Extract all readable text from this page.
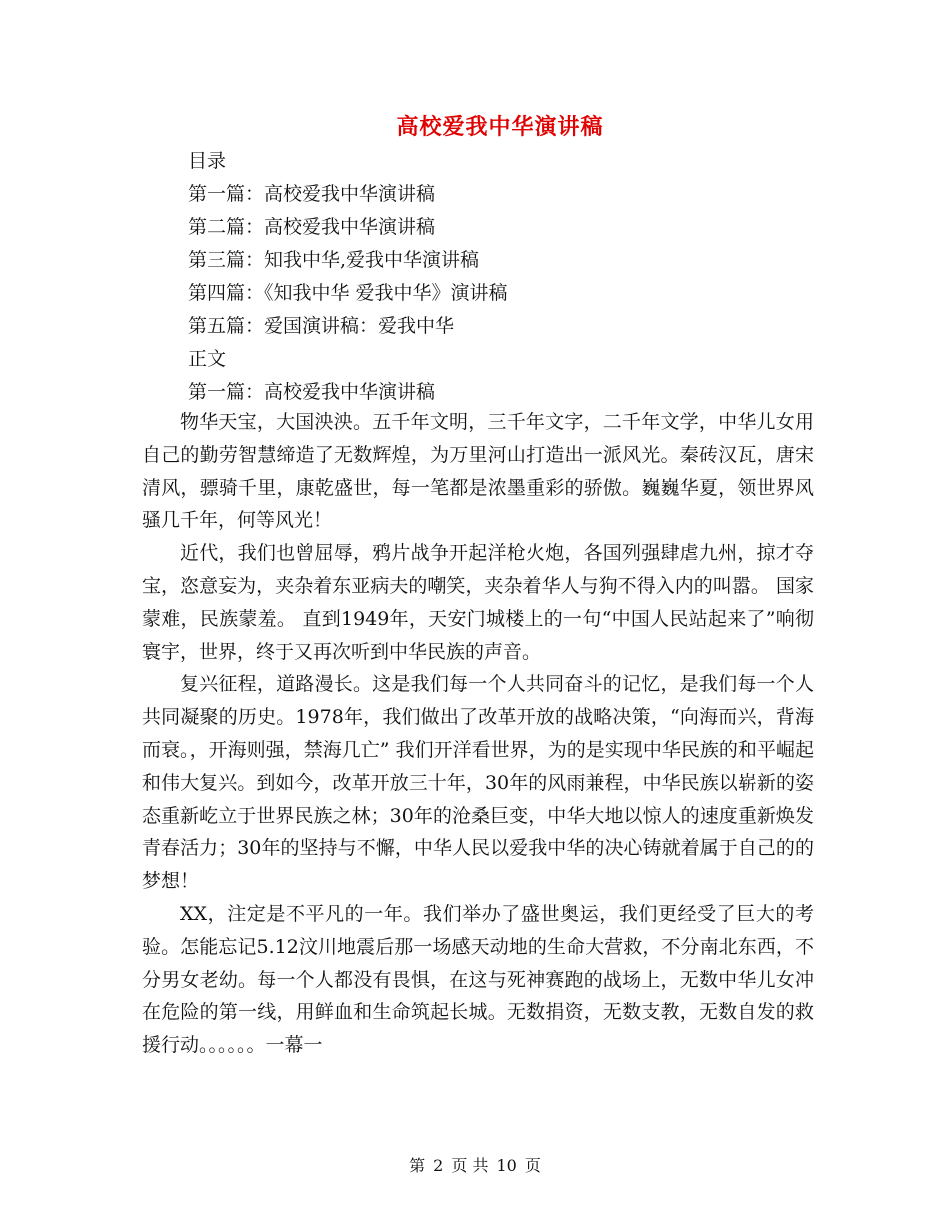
高校爱我中华演讲稿
目录
第一篇：高校爱我中华演讲稿
第二篇：高校爱我中华演讲稿
第三篇：知我中华,爱我中华演讲稿
第四篇：《知我中华 爱我中华》演讲稿
第五篇：爱国演讲稿：爱我中华
正文
第一篇：高校爱我中华演讲稿

物华天宝，大国泱泱。五千年文明，三千年文字，二千年文学，中华儿女用自己的勤劳智慧缔造了无数辉煌，为万里河山打造出一派风光。秦砖汉瓦，唐宋清风，骠骑千里，康乾盛世，每一笔都是浓墨重彩的骄傲。巍巍华夏，领世界风骚几千年，何等风光！

近代，我们也曾屈辱，鸦片战争开起洋枪火炮，各国列强肆虐九州，掠才夺宝，恣意妄为，夹杂着东亚病夫的嘲笑，夹杂着华人与狗不得入内的叫嚣。 国家蒙难，民族蒙羞。 直到1949年，天安门城楼上的一句“中国人民站起来了”响彻寰宇，世界，终于又再次听到中华民族的声音。

复兴征程，道路漫长。这是我们每一个人共同奋斗的记忆，是我们每一个人共同凝聚的历史。1978年，我们做出了改革开放的战略决策，“向海而兴，背海而衰。，开海则强，禁海几亡” 我们开洋看世界，为的是实现中华民族的和平崛起和伟大复兴。到如今，改革开放三十年，30年的风雨兼程，中华民族以崭新的姿态重新屹立于世界民族之林；30年的沧桑巨变，中华大地以惊人的速度重新焕发青春活力；30年的坚持与不懈，中华人民以爱我中华的决心铸就着属于自己的的梦想！

XX，注定是不平凡的一年。我们举办了盛世奥运，我们更经受了巨大的考验。怎能忘记5.12汶川地震后那一场感天动地的生命大营救，不分南北东西，不分男女老幼。每一个人都没有畏惧，在这与死神赛跑的战场上，无数中华儿女冲在危险的第一线，用鲜血和生命筑起长城。无数捐资，无数支教，无数自发的救援行动。。。。。。一幕一

第 2 页 共 10 页
